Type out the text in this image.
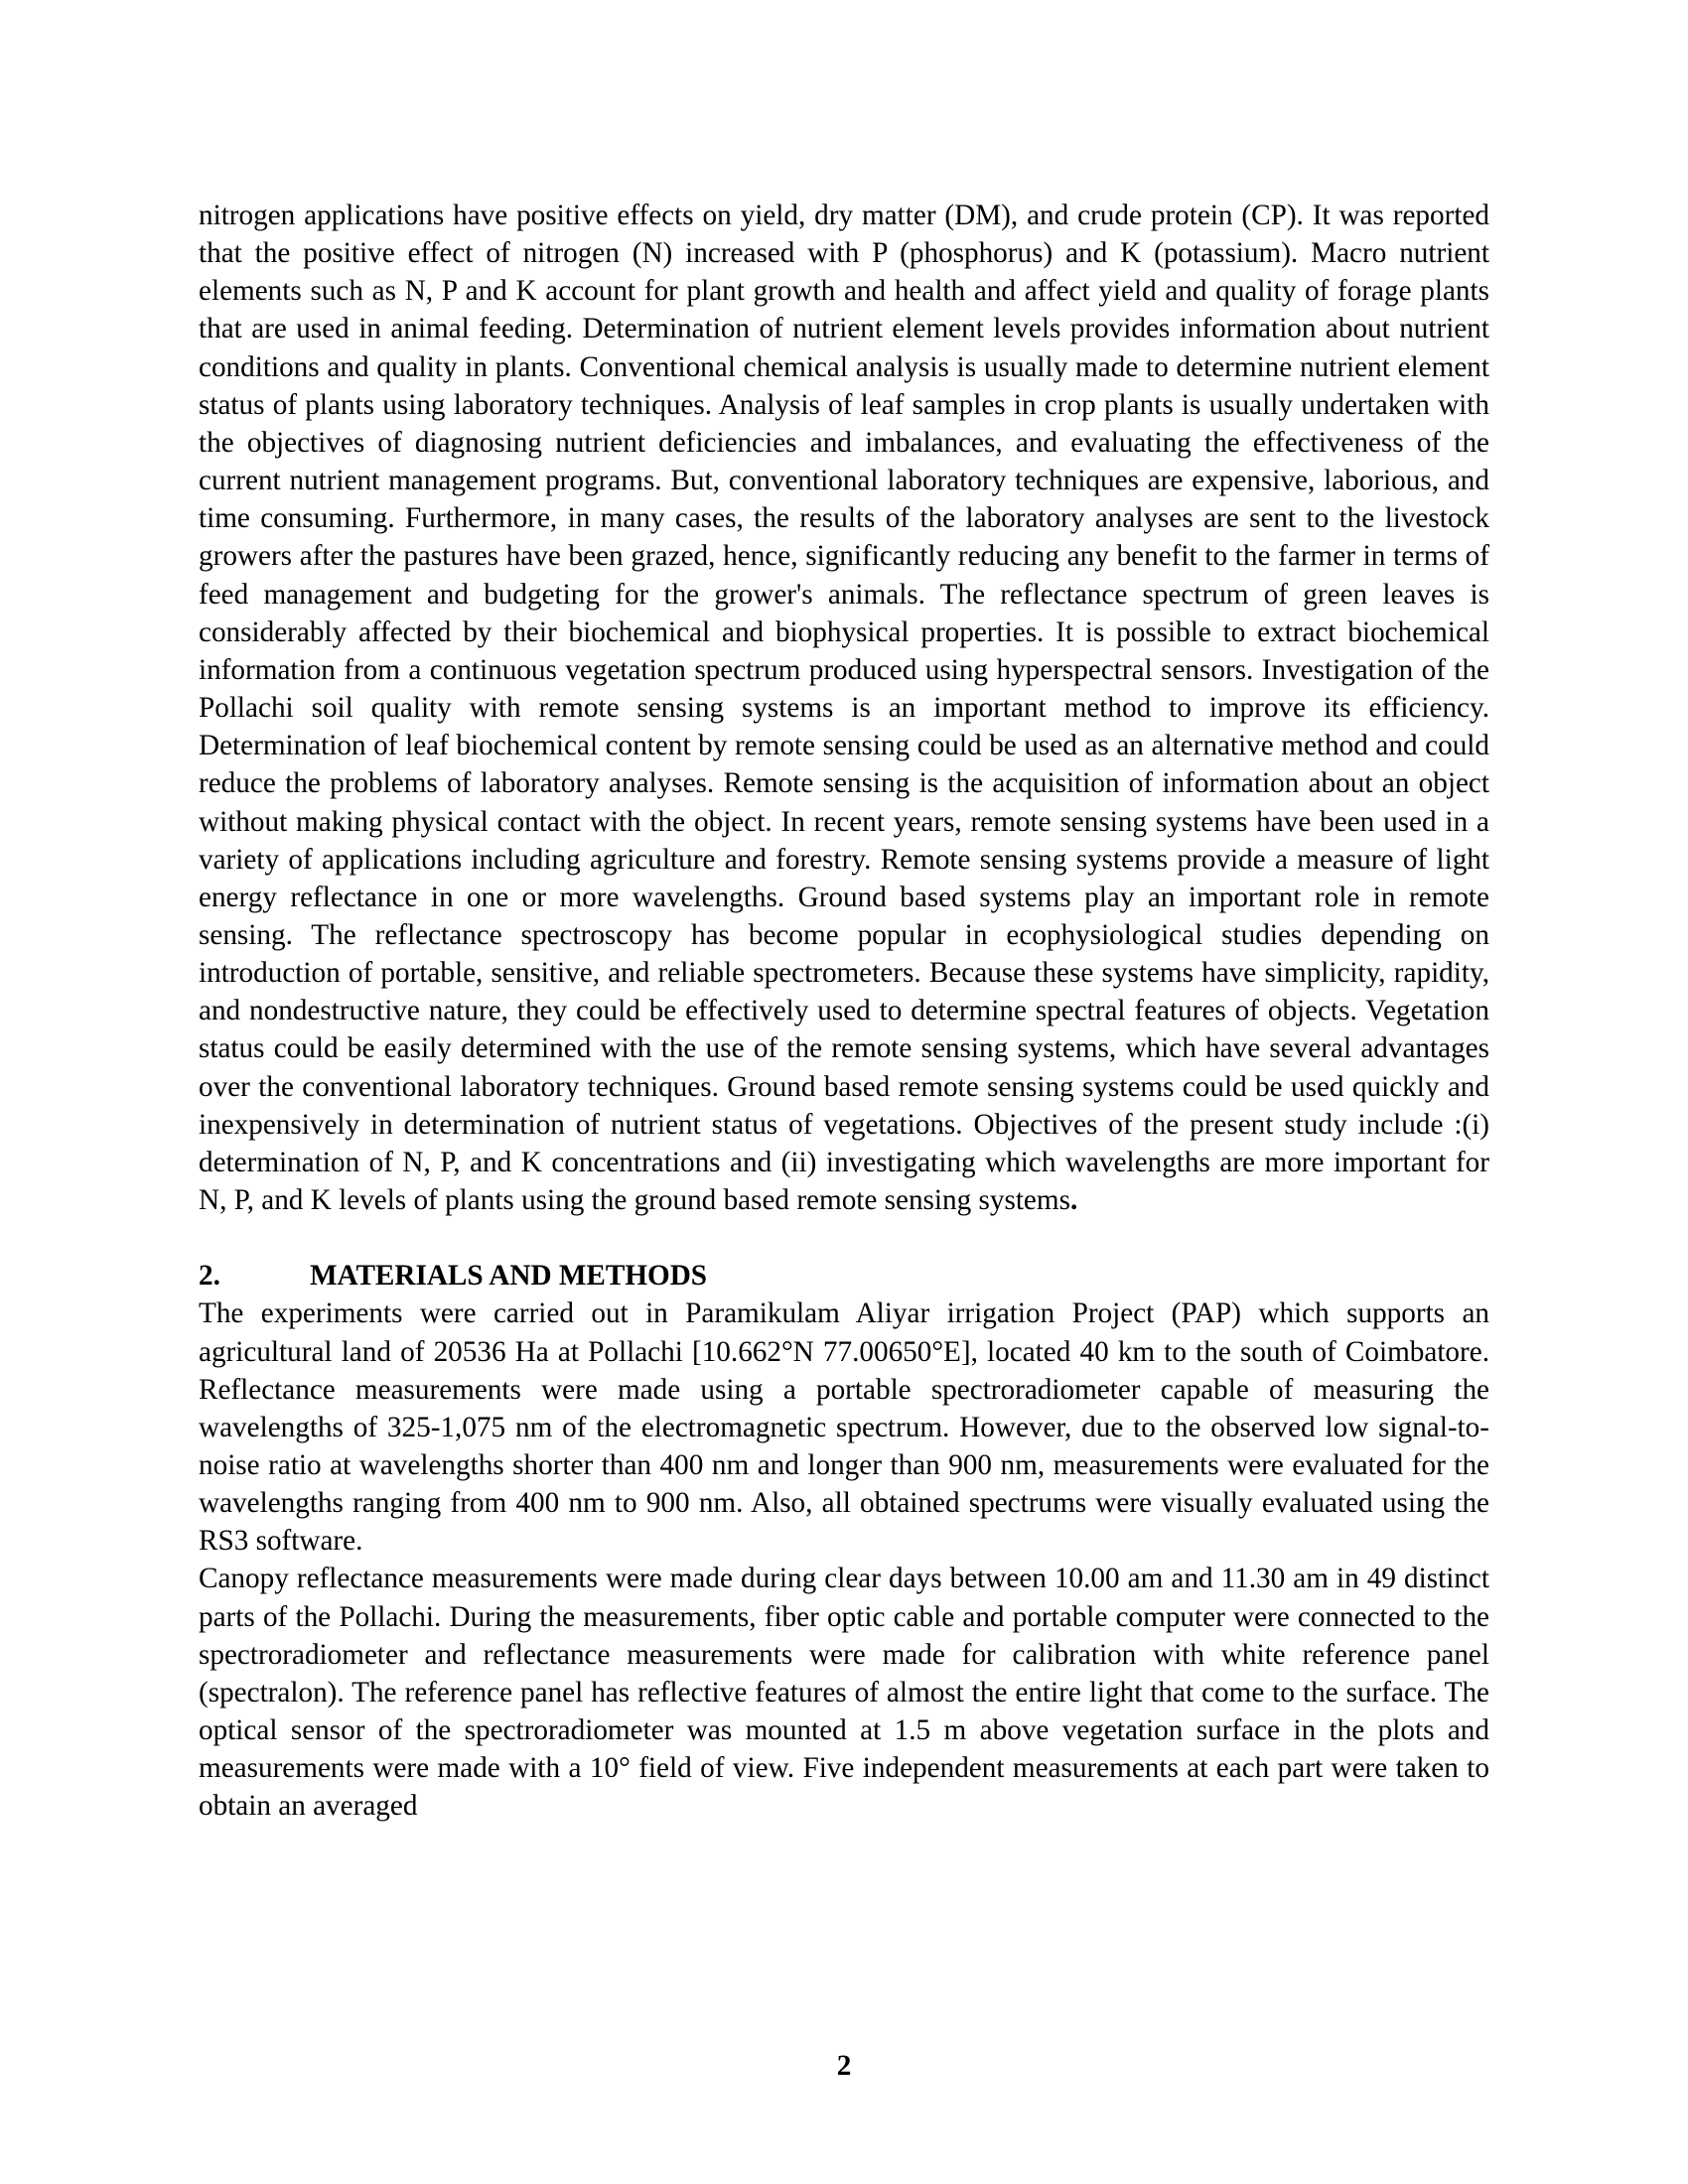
nitrogen applications have positive effects on yield, dry matter (DM), and crude protein (CP). It was reported that the positive effect of nitrogen (N) increased with P (phosphorus) and K (potassium). Macro nutrient elements such as N, P and K account for plant growth and health and affect yield and quality of forage plants that are used in animal feeding. Determination of nutrient element levels provides information about nutrient conditions and quality in plants. Conventional chemical analysis is usually made to determine nutrient element status of plants using laboratory techniques. Analysis of leaf samples in crop plants is usually undertaken with the objectives of diagnosing nutrient deficiencies and imbalances, and evaluating the effectiveness of the current nutrient management programs. But, conventional laboratory techniques are expensive, laborious, and time consuming. Furthermore, in many cases, the results of the laboratory analyses are sent to the livestock growers after the pastures have been grazed, hence, significantly reducing any benefit to the farmer in terms of feed management and budgeting for the grower's animals. The reflectance spectrum of green leaves is considerably affected by their biochemical and biophysical properties. It is possible to extract biochemical information from a continuous vegetation spectrum produced using hyperspectral sensors. Investigation of the Pollachi soil quality with remote sensing systems is an important method to improve its efficiency. Determination of leaf biochemical content by remote sensing could be used as an alternative method and could reduce the problems of laboratory analyses. Remote sensing is the acquisition of information about an object without making physical contact with the object. In recent years, remote sensing systems have been used in a variety of applications including agriculture and forestry. Remote sensing systems provide a measure of light energy reflectance in one or more wavelengths. Ground based systems play an important role in remote sensing. The reflectance spectroscopy has become popular in ecophysiological studies depending on introduction of portable, sensitive, and reliable spectrometers. Because these systems have simplicity, rapidity, and nondestructive nature, they could be effectively used to determine spectral features of objects. Vegetation status could be easily determined with the use of the remote sensing systems, which have several advantages over the conventional laboratory techniques. Ground based remote sensing systems could be used quickly and inexpensively in determination of nutrient status of vegetations. Objectives of the present study include :(i) determination of N, P, and K concentrations and (ii) investigating which wavelengths are more important for N, P, and K levels of plants using the ground based remote sensing systems.

2.	MATERIALS AND METHODS

The experiments were carried out in Paramikulam Aliyar irrigation Project (PAP) which supports an agricultural land of 20536 Ha at Pollachi [10.662°N 77.00650°E], located 40 km to the south of Coimbatore. Reflectance measurements were made using a portable spectroradiometer capable of measuring the wavelengths of 325-1,075 nm of the electromagnetic spectrum. However, due to the observed low signal-to-noise ratio at wavelengths shorter than 400 nm and longer than 900 nm, measurements were evaluated for the wavelengths ranging from 400 nm to 900 nm. Also, all obtained spectrums were visually evaluated using the RS3 software.

Canopy reflectance measurements were made during clear days between 10.00 am and 11.30 am in 49 distinct parts of the Pollachi. During the measurements, fiber optic cable and portable computer were connected to the spectroradiometer and reflectance measurements were made for calibration with white reference panel (spectralon). The reference panel has reflective features of almost the entire light that come to the surface. The optical sensor of the spectroradiometer was mounted at 1.5 m above vegetation surface in the plots and measurements were made with a 10° field of view. Five independent measurements at each part were taken to obtain an averaged

2
